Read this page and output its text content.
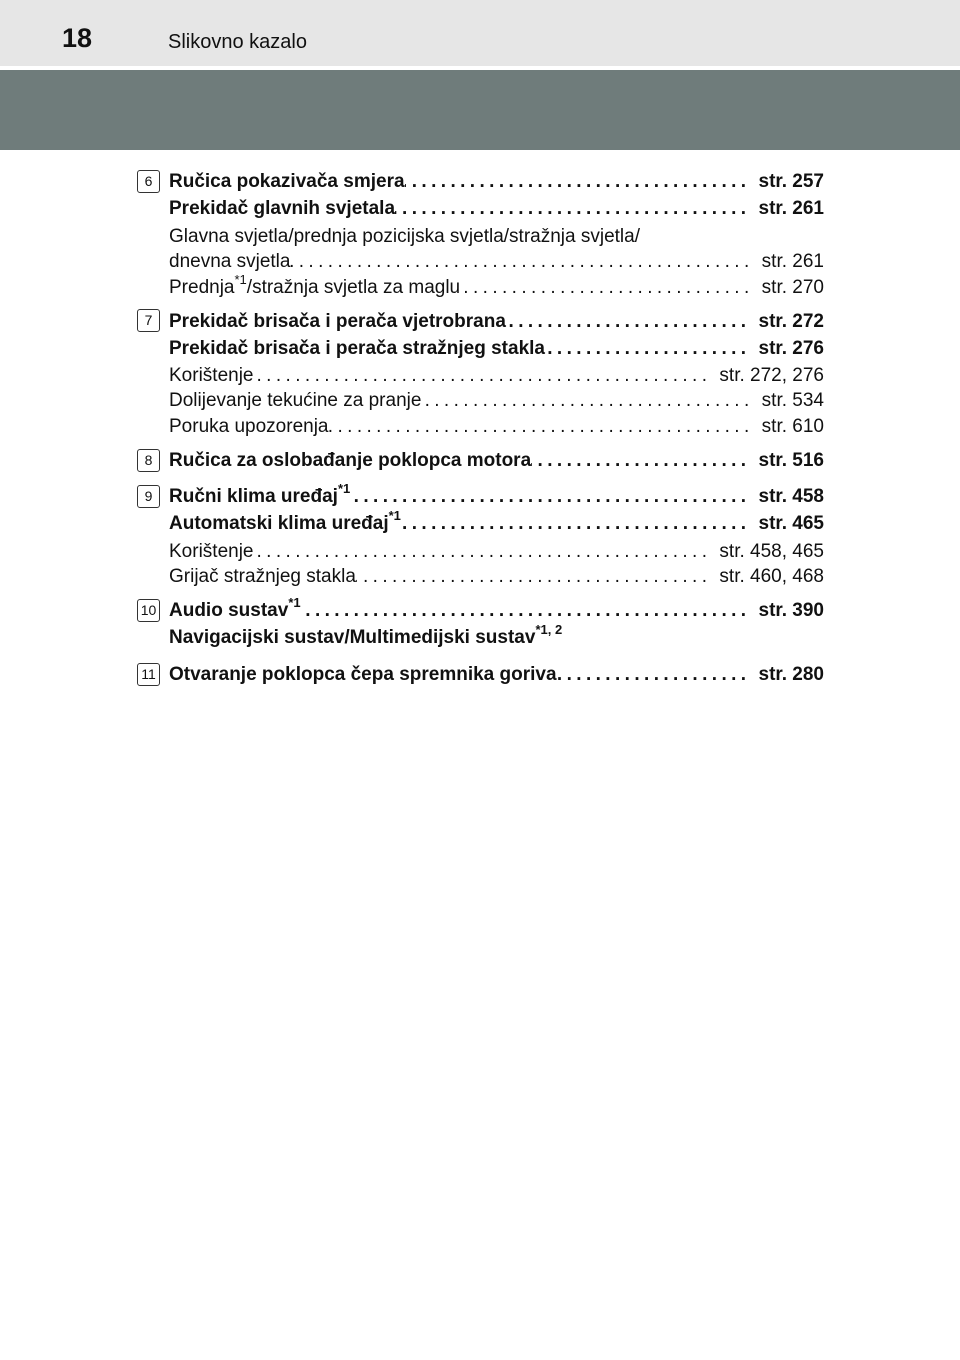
18	Slikovno kazalo
6 Ručica pokazivača smjera .....	str. 257
Prekidač glavnih svjetala .....	str. 261
Glavna svjetla/prednja pozicijska svjetla/stražnja svjetla/
dnevna svjetla .....	str. 261
Prednja$^{*1}$/stražnja svjetla za maglu .....	str. 270
7 Prekidač brisača i perača vjetrobrana .....	str. 272
Prekidač brisača i perača stražnjeg stakla .....	str. 276
Korištenje .....	str. 272, 276
Dolijevanje tekućine za pranje .....	str. 534
Poruka upozorenja .....	str. 610
8 Ručica za oslobađanje poklopca motora .....	str. 516
9 Ručni klima uređaj$^{*1}$ .....	str. 458
Automatski klima uređaj$^{*1}$ .....	str. 465
Korištenje .....	str. 458, 465
Grijač stražnjeg stakla .....	str. 460, 468
10 Audio sustav$^{*1}$ .....	str. 390
Navigacijski sustav/Multimedijski sustav$^{*1, 2}$
11 Otvaranje poklopca čepa spremnika goriva .....	str. 280
